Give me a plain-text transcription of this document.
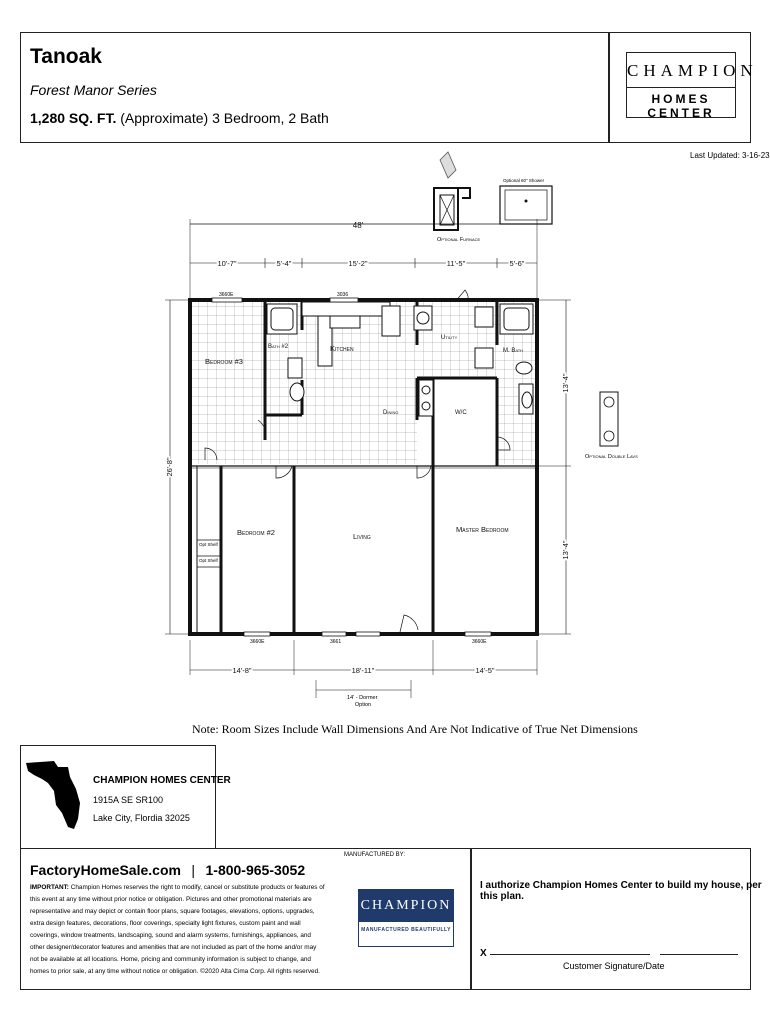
Tanoak
Forest Manor Series
1,280 SQ. FT. (Approximate) 3 Bedroom, 2 Bath
CHAMPION
HOMES CENTER
Last Updated: 3-16-23
Optional Furnace
Optional 60" Shower
48'
10'-7"	5'-4"	15'-2"	11'-5"	5'-6"
3660E	3036
3660E	3661	3660E
Bedroom #3
Bath #2	Kitchen
Dining
Utility
M. Bath
W/C
Bedroom #2	Living
Master Bedroom
Opt Shelf
Opt Shelf
26'-8"
13'-4"
13'-4"
Optional Double Lavs
14'-8"	18'-11"	14'-5"
14' - Dormer Option
Note: Room Sizes Include Wall Dimensions And Are Not Indicative of True Net Dimensions
CHAMPION HOMES CENTER
1915A SE SR100
Lake City, Flordia 32025
FactoryHomeSale.com | 1-800-965-3052
IMPORTANT: Champion Homes reserves the right to modify, cancel or substitute products or features of this event at any time without prior notice or obligation. Pictures and other promotional materials are representative and may depict or contain floor plans, square footages, elevations, options, upgrades, extra design features, decorations, floor coverings, specialty light fixtures, custom paint and wall coverings, window treatments, landscaping, sound and alarm systems, furnishings, appliances, and other designer/decorator features and amenities that are not included as part of the home and/or may not be available at all locations. Home, pricing and community information is subject to change, and homes to prior sale, at any time without notice or obligation. ©2020 Alta Cima Corp. All rights reserved.
MANUFACTURED BY:
CHAMPION
MANUFACTURED BEAUTIFULLY
I authorize Champion Homes Center to build my house, per this plan.
X
Customer Signature/Date
